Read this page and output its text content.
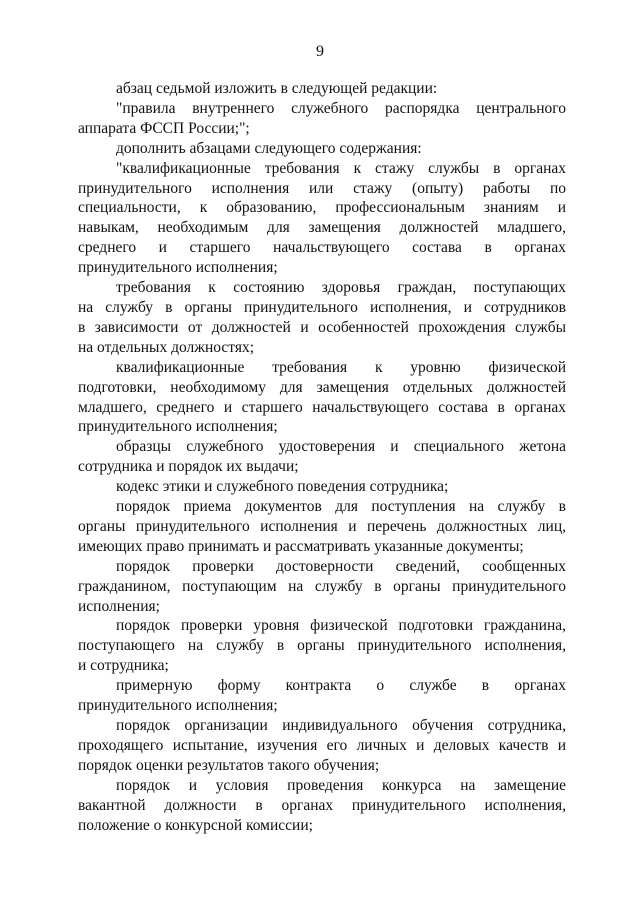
9

абзац седьмой изложить в следующей редакции:

"правила внутреннего служебного распорядка центрального
аппарата ФССП России;";

дополнить абзацами следующего содержания:

"квалификационные требования к стажу службы в органах
принудительного исполнения или стажу (опыту) работы по
специальности, к образованию, профессиональным знаниям и
навыкам, необходимым для замещения должностей младшего,
среднего и старшего начальствующего состава в органах
принудительного исполнения;

требования к состоянию здоровья граждан, поступающих
на службу в органы принудительного исполнения, и сотрудников
в зависимости от должностей и особенностей прохождения службы
на отдельных должностях;

квалификационные требования к уровню физической
подготовки, необходимому для замещения отдельных должностей
младшего, среднего и старшего начальствующего состава в органах
принудительного исполнения;

образцы служебного удостоверения и специального жетона
сотрудника и порядок их выдачи;

кодекс этики и служебного поведения сотрудника;

порядок приема документов для поступления на службу в
органы принудительного исполнения и перечень должностных лиц,
имеющих право принимать и рассматривать указанные документы;

порядок проверки достоверности сведений, сообщенных
гражданином, поступающим на службу в органы принудительного
исполнения;

порядок проверки уровня физической подготовки гражданина,
поступающего на службу в органы принудительного исполнения,
и сотрудника;

примерную форму контракта о службе в органах
принудительного исполнения;

порядок организации индивидуального обучения сотрудника,
проходящего испытание, изучения его личных и деловых качеств и
порядок оценки результатов такого обучения;

порядок и условия проведения конкурса на замещение
вакантной должности в органах принудительного исполнения,
положение о конкурсной комиссии;
